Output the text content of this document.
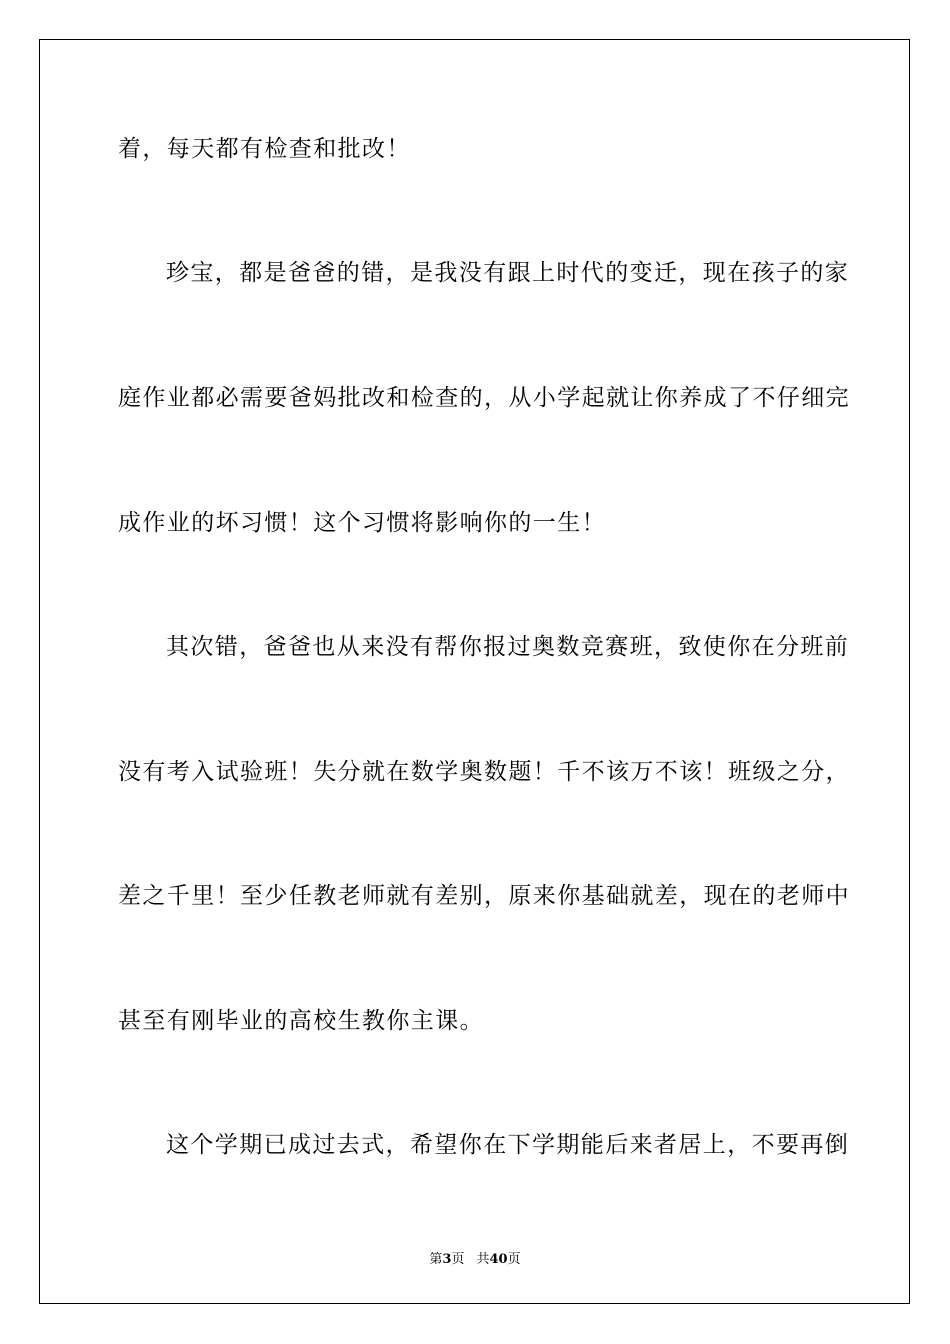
着，每天都有检查和批改！
珍宝，都是爸爸的错，是我没有跟上时代的变迁，现在孩子的家
庭作业都必需要爸妈批改和检查的，从小学起就让你养成了不仔细完
成作业的坏习惯！这个习惯将影响你的一生！
其次错，爸爸也从来没有帮你报过奥数竞赛班，致使你在分班前
没有考入试验班！失分就在数学奥数题！千不该万不该！班级之分，
差之千里！至少任教老师就有差别，原来你基础就差，现在的老师中
甚至有刚毕业的高校生教你主课。
这个学期已成过去式，希望你在下学期能后来者居上，不要再倒
第3页 共40页
